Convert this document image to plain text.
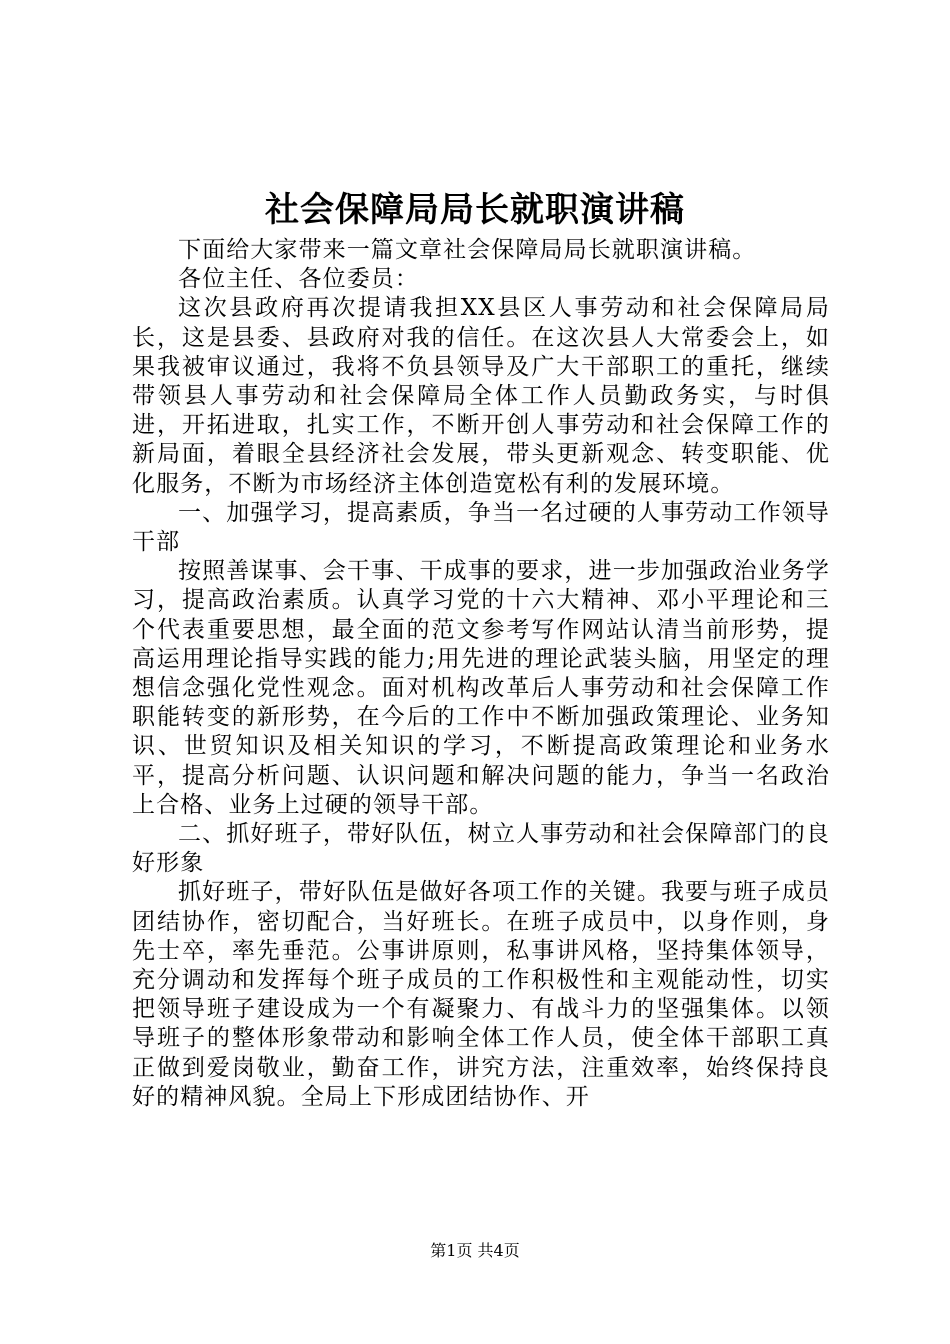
社会保障局局长就职演讲稿

下面给大家带来一篇文章社会保障局局长就职演讲稿。

各位主任、各位委员：

这次县政府再次提请我担XX县区人事劳动和社会保障局局长，这是县委、县政府对我的信任。在这次县人大常委会上，如果我被审议通过，我将不负县领导及广大干部职工的重托，继续带领县人事劳动和社会保障局全体工作人员勤政务实，与时俱进，开拓进取，扎实工作，不断开创人事劳动和社会保障工作的新局面，着眼全县经济社会发展，带头更新观念、转变职能、优化服务，不断为市场经济主体创造宽松有利的发展环境。

一、加强学习，提高素质，争当一名过硬的人事劳动工作领导干部

按照善谋事、会干事、干成事的要求，进一步加强政治业务学习，提高政治素质。认真学习党的十六大精神、邓小平理论和三个代表重要思想，最全面的范文参考写作网站认清当前形势，提高运用理论指导实践的能力;用先进的理论武装头脑，用坚定的理想信念强化党性观念。面对机构改革后人事劳动和社会保障工作职能转变的新形势，在今后的工作中不断加强政策理论、业务知识、世贸知识及相关知识的学习，不断提高政策理论和业务水平，提高分析问题、认识问题和解决问题的能力，争当一名政治上合格、业务上过硬的领导干部。

二、抓好班子，带好队伍，树立人事劳动和社会保障部门的良好形象

抓好班子，带好队伍是做好各项工作的关键。我要与班子成员团结协作，密切配合，当好班长。在班子成员中，以身作则，身先士卒，率先垂范。公事讲原则，私事讲风格，坚持集体领导，充分调动和发挥每个班子成员的工作积极性和主观能动性，切实把领导班子建设成为一个有凝聚力、有战斗力的坚强集体。以领导班子的整体形象带动和影响全体工作人员，使全体干部职工真正做到爱岗敬业，勤奋工作，讲究方法，注重效率，始终保持良好的精神风貌。全局上下形成团结协作、开

第1页 共4页
